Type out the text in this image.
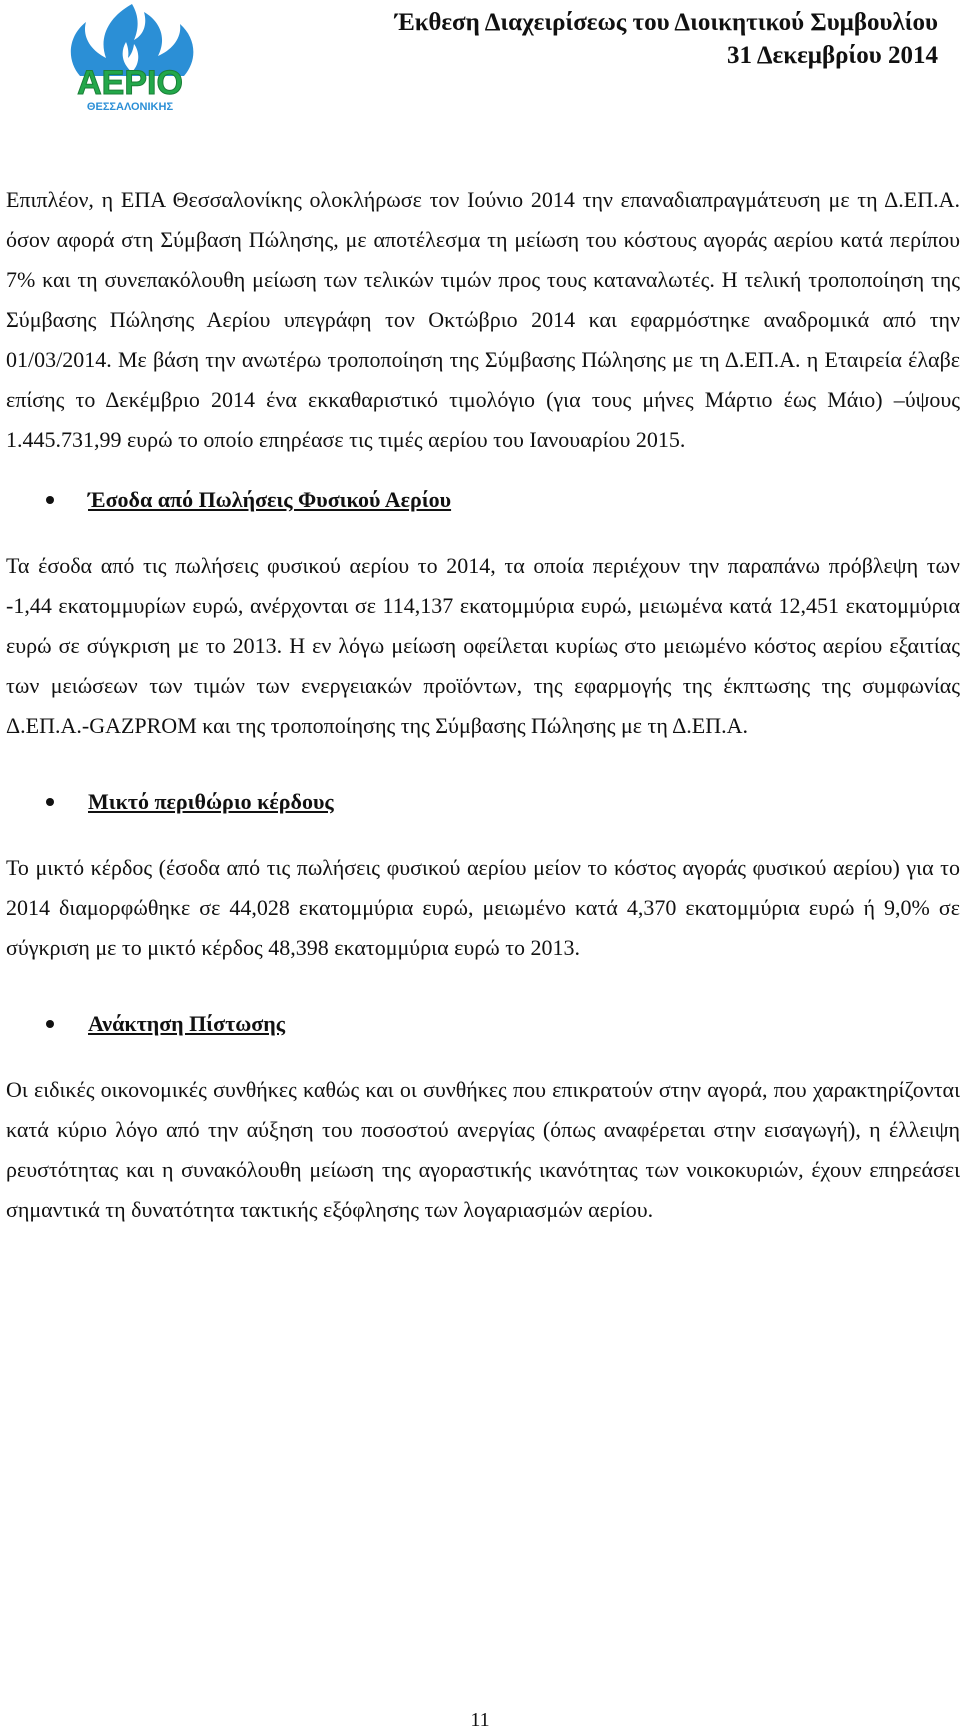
ΑΕΡΙΟ
ΘΕΣΣΑΛΟΝΙΚΗΣ
Έκθεση Διαχειρίσεως του Διοικητικού Συμβουλίου
31 Δεκεμβρίου 2014

Επιπλέον, η ΕΠΑ Θεσσαλονίκης ολοκλήρωσε τον Ιούνιο 2014 την επαναδιαπραγμάτευση με τη Δ.ΕΠ.Α. όσον αφορά στη Σύμβαση Πώλησης, με αποτέλεσμα τη μείωση του κόστους αγοράς αερίου κατά περίπου 7% και τη συνεπακόλουθη μείωση των τελικών τιμών προς τους καταναλωτές. Η τελική τροποποίηση της Σύμβασης Πώλησης Αερίου υπεγράφη τον Οκτώβριο 2014 και εφαρμόστηκε αναδρομικά από την 01/03/2014. Με βάση την ανωτέρω τροποποίηση της Σύμβασης Πώλησης με τη Δ.ΕΠ.Α. η Εταιρεία έλαβε επίσης το Δεκέμβριο 2014 ένα εκκαθαριστικό τιμολόγιο (για τους μήνες Μάρτιο έως Μάιο) –ύψους 1.445.731,99 ευρώ το οποίο επηρέασε τις τιμές αερίου του Ιανουαρίου 2015.

Έσοδα από Πωλήσεις Φυσικού Αερίου

Τα έσοδα από τις πωλήσεις φυσικού αερίου το 2014, τα οποία περιέχουν την παραπάνω πρόβλεψη των -1,44 εκατομμυρίων ευρώ, ανέρχονται σε 114,137 εκατομμύρια ευρώ, μειωμένα κατά 12,451 εκατομμύρια ευρώ σε σύγκριση με το 2013. Η εν λόγω μείωση οφείλεται κυρίως στο μειωμένο κόστος αερίου εξαιτίας των μειώσεων των τιμών των ενεργειακών προϊόντων, της εφαρμογής της έκπτωσης της συμφωνίας Δ.ΕΠ.Α.-GAZPROM και της τροποποίησης της Σύμβασης Πώλησης με τη Δ.ΕΠ.Α.

Μικτό περιθώριο κέρδους

Το μικτό κέρδος (έσοδα από τις πωλήσεις φυσικού αερίου μείον το κόστος αγοράς φυσικού αερίου) για το 2014 διαμορφώθηκε σε 44,028 εκατομμύρια ευρώ, μειωμένο κατά 4,370 εκατομμύρια ευρώ ή 9,0% σε σύγκριση με το μικτό κέρδος 48,398 εκατομμύρια ευρώ το 2013.

Ανάκτηση Πίστωσης

Οι ειδικές οικονομικές συνθήκες καθώς και οι συνθήκες που επικρατούν στην αγορά, που χαρακτηρίζονται κατά κύριο λόγο από την αύξηση του ποσοστού ανεργίας (όπως αναφέρεται στην εισαγωγή), η έλλειψη ρευστότητας και η συνακόλουθη μείωση της αγοραστικής ικανότητας των νοικοκυριών, έχουν επηρεάσει σημαντικά τη δυνατότητα τακτικής εξόφλησης των λογαριασμών αερίου.

11
